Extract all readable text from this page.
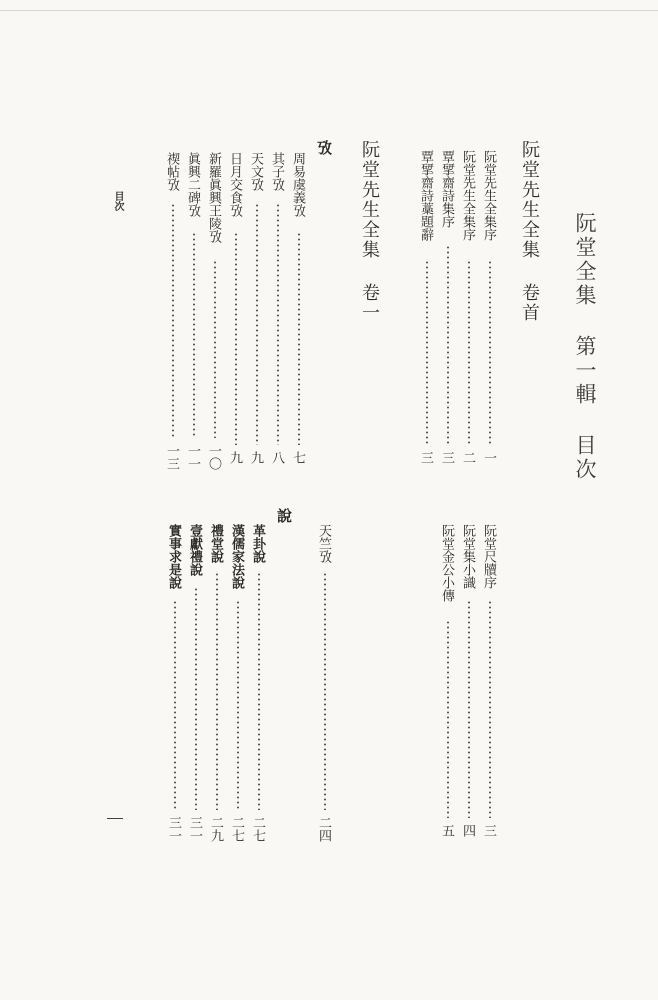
阮堂全集 第一輯 目次
阮堂先生全集 卷首
阮堂先生全集 卷一
攷
阮堂先生全集序
一
阮堂先生全集序
二
覃揅齋詩集序
三
覃揅齋詩藁題辭
三
周易虞義攷
七
其子攷
八
天文攷
九
日月交食攷
九
新羅眞興王陵攷
一〇
眞興二碑攷
一一
禊帖攷
一三
阮堂尺牘序
三
阮堂集小識
四
阮堂金公小傳
五
天竺攷
二四
說
革卦說
二七
漢儒家法說
二七
禮堂說
二九
壹獻禮說
三一
實事求是說
三一
目次
